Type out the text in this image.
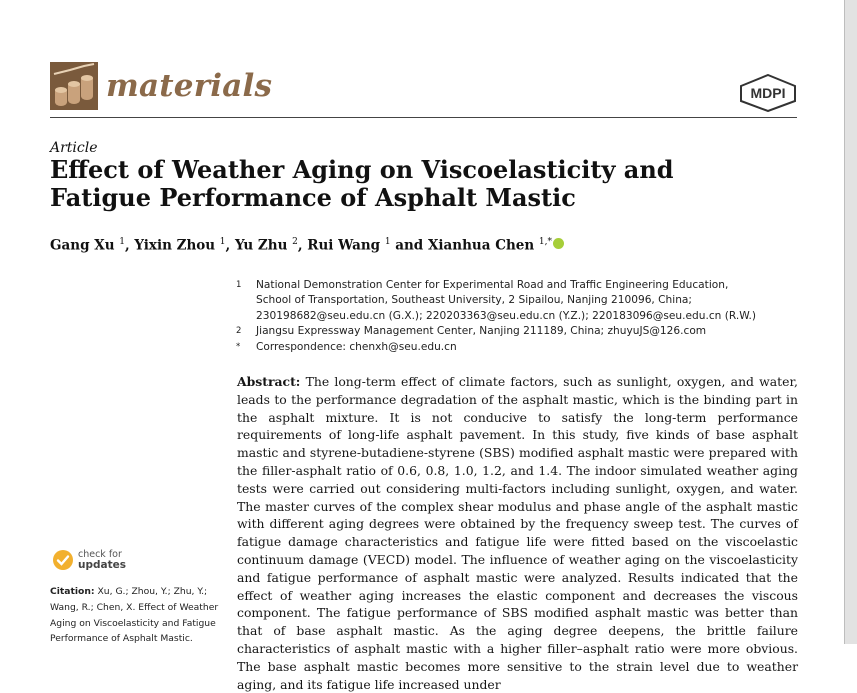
materials	MDPI
Article
Effect of Weather Aging on Viscoelasticity and Fatigue Performance of Asphalt Mastic
Gang Xu $^1$, Yixin Zhou $^1$, Yu Zhu $^2$, Rui Wang $^1$ and Xianhua Chen $^{1,*}$
1	National Demonstration Center for Experimental Road and Traffic Engineering Education,
School of Transportation, Southeast University, 2 Sipailou, Nanjing 210096, China;
230198682@seu.edu.cn (G.X.); 220203363@seu.edu.cn (Y.Z.); 220183096@seu.edu.cn (R.W.)
2	Jiangsu Expressway Management Center, Nanjing 211189, China; zhuyuJS@126.com
*	Correspondence: chenxh@seu.edu.cn

Abstract: The long-term effect of climate factors, such as sunlight, oxygen, and water, leads to the performance degradation of the asphalt mastic, which is the binding part in the asphalt mixture. It is not conducive to satisfy the long-term performance requirements of long-life asphalt pavement. In this study, five kinds of base asphalt mastic and styrene-butadiene-styrene (SBS) modified asphalt mastic were prepared with the filler-asphalt ratio of 0.6, 0.8, 1.0, 1.2, and 1.4. The indoor simulated weather aging tests were carried out considering multi-factors including sunlight, oxygen, and water. The master curves of the complex shear modulus and phase angle of the asphalt mastic with different aging degrees were obtained by the frequency sweep test. The curves of fatigue damage characteristics and fatigue life were fitted based on the viscoelastic continuum damage (VECD) model. The influence of weather aging on the viscoelasticity and fatigue performance of asphalt mastic were analyzed. Results indicated that the effect of weather aging increases the elastic component and decreases the viscous component. The fatigue performance of SBS modified asphalt mastic was better than that of base asphalt mastic. As the aging degree deepens, the brittle failure characteristics of asphalt mastic with a higher filler–asphalt ratio were more obvious. The base asphalt mastic becomes more sensitive to the strain level due to weather aging, and its fatigue life increased under

check for
updates

Citation: Xu, G.; Zhou, Y.; Zhu, Y.; Wang, R.; Chen, X. Effect of Weather Aging on Viscoelasticity and Fatigue Performance of Asphalt Mastic.
